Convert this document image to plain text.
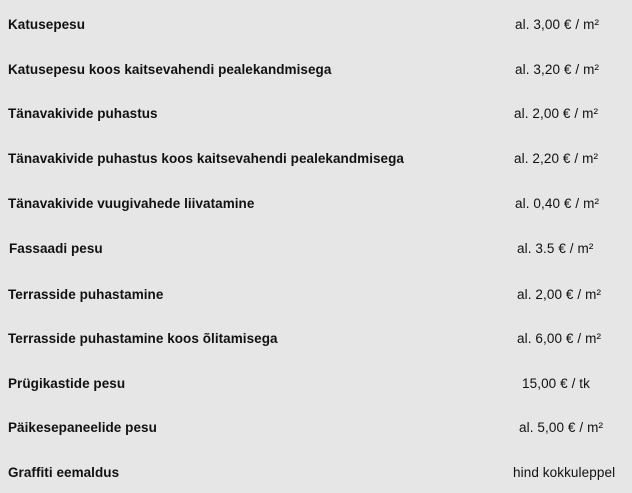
Katusepesu	al. 3,00 € / m²
Katusepesu koos kaitsevahendi pealekandmisega	al. 3,20 € / m²
Tänavakivide puhastus	al. 2,00 € / m²
Tänavakivide puhastus koos kaitsevahendi pealekandmisega	al. 2,20 € / m²
Tänavakivide vuugivahede liivatamine	al. 0,40 € / m²
Fassaadi pesu	al. 3.5 € / m²
Terrasside puhastamine	al. 2,00 € / m²
Terrasside puhastamine koos õlitamisega	al. 6,00 € / m²
Prügikastide pesu	15,00 € / tk
Päikesepaneelide pesu	al. 5,00 € / m²
Graffiti eemaldus	hind kokkuleppel
